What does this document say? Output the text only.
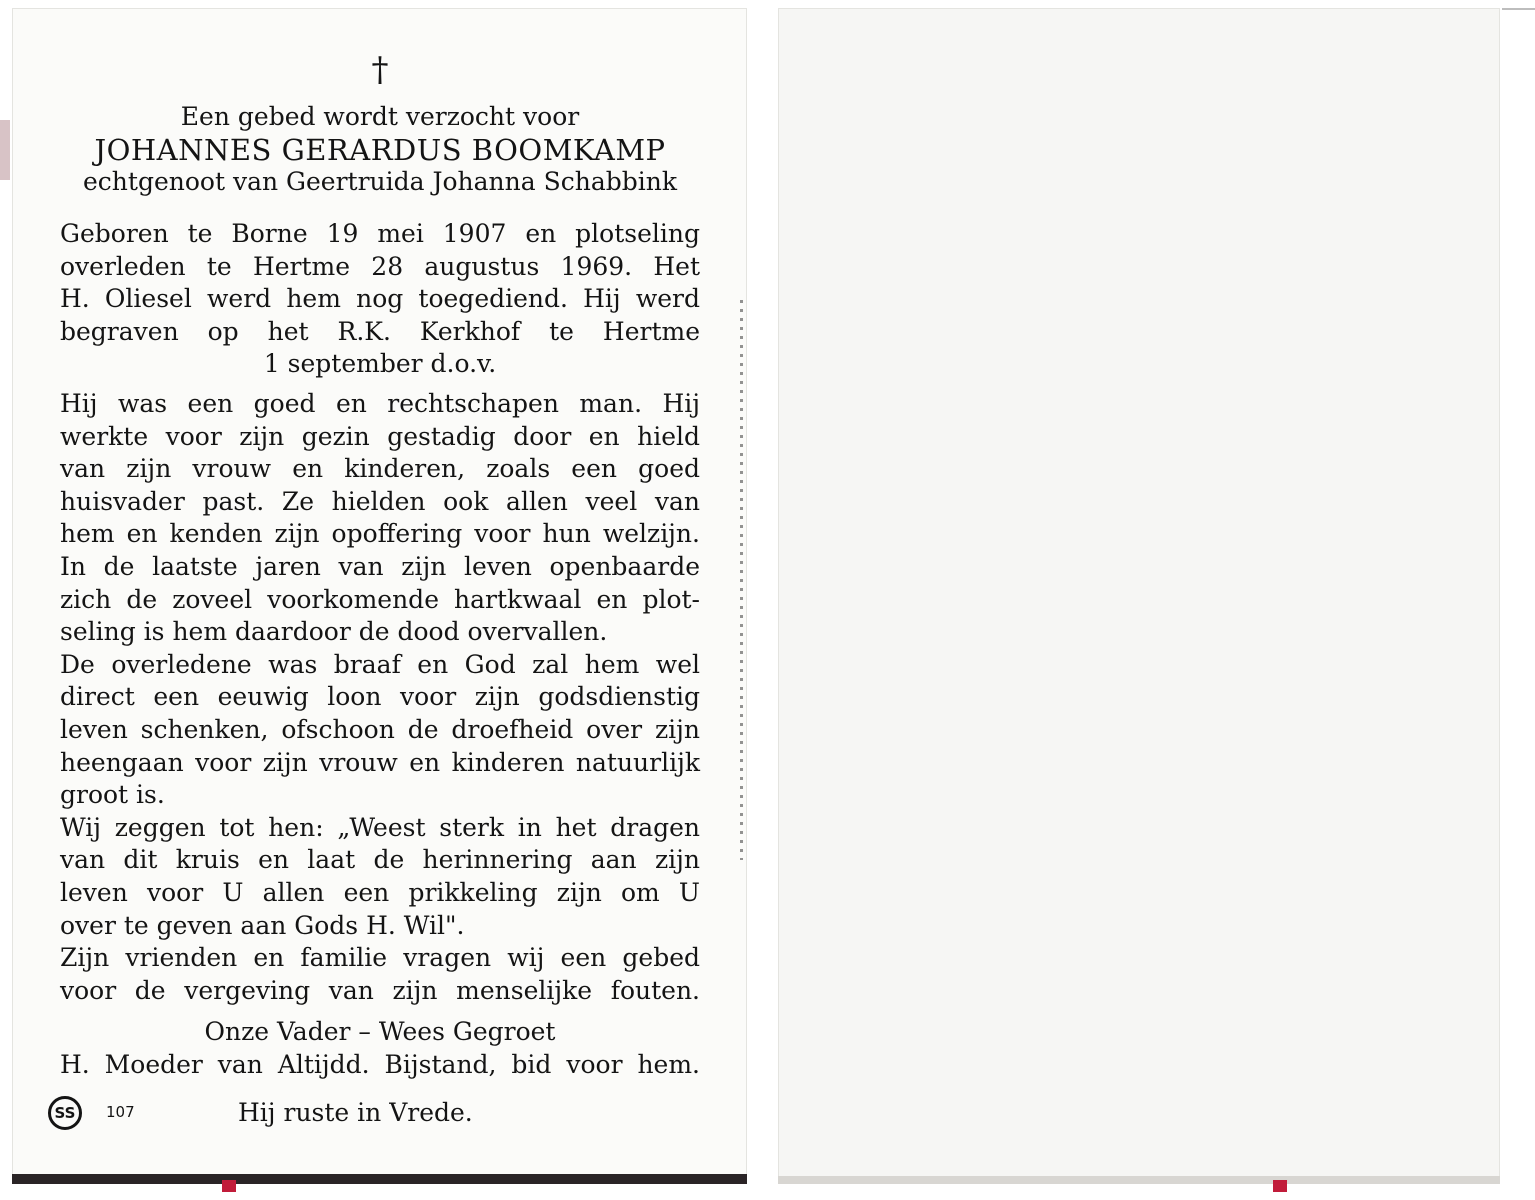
†
Een gebed wordt verzocht voor
JOHANNES GERARDUS BOOMKAMP
echtgenoot van Geertruida Johanna Schabbink
Geboren te Borne 19 mei 1907 en plotseling
overleden te Hertme 28 augustus 1969. Het
H. Oliesel werd hem nog toegediend. Hij werd
begraven op het R.K. Kerkhof te Hertme
1 september d.o.v.
Hij was een goed en rechtschapen man. Hij
werkte voor zijn gezin gestadig door en hield
van zijn vrouw en kinderen, zoals een goed
huisvader past. Ze hielden ook allen veel van
hem en kenden zijn opoffering voor hun welzijn.
In de laatste jaren van zijn leven openbaarde
zich de zoveel voorkomende hartkwaal en plot-
seling is hem daardoor de dood overvallen.
De overledene was braaf en God zal hem wel
direct een eeuwig loon voor zijn godsdienstig
leven schenken, ofschoon de droefheid over zijn
heengaan voor zijn vrouw en kinderen natuurlijk
groot is.
Wij zeggen tot hen: „Weest sterk in het dragen
van dit kruis en laat de herinnering aan zijn
leven voor U allen een prikkeling zijn om U
over te geven aan Gods H. Wil".
Zijn vrienden en familie vragen wij een gebed
voor de vergeving van zijn menselijke fouten.
Onze Vader – Wees Gegroet
H. Moeder van Altijdd. Bijstand, bid voor hem.
SS	107	Hij ruste in Vrede.
